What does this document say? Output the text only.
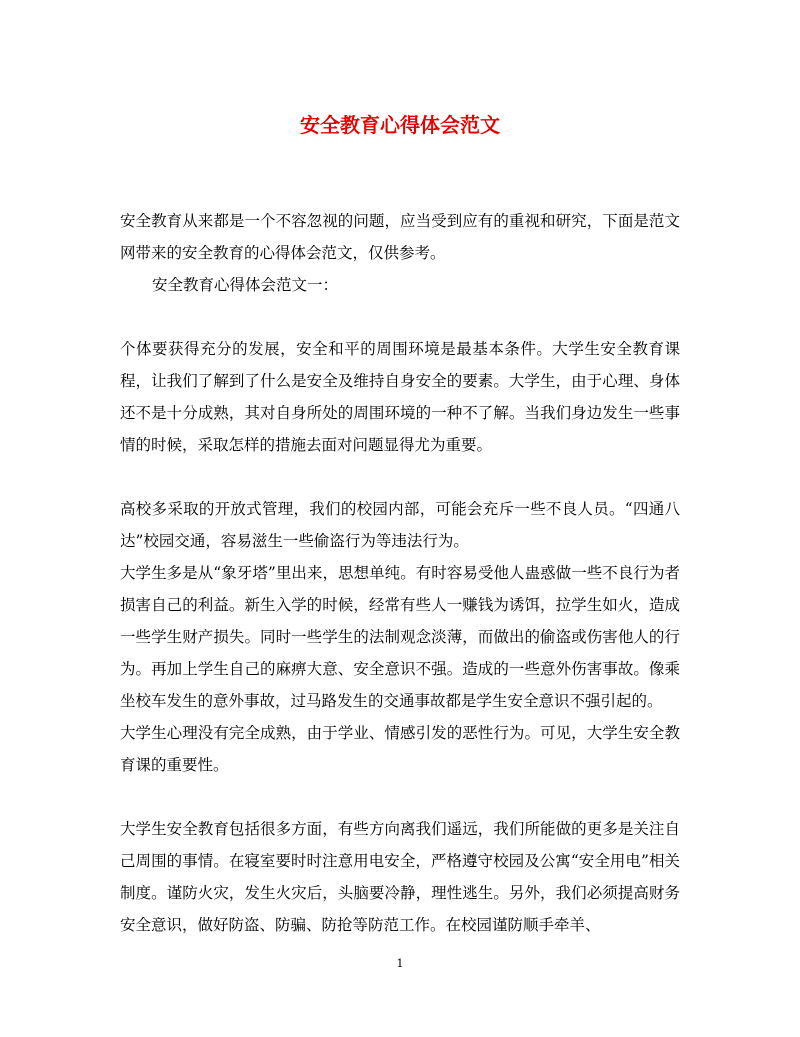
安全教育心得体会范文

安全教育从来都是一个不容忽视的问题，应当受到应有的重视和研究，下面是范文网带来的安全教育的心得体会范文，仅供参考。

安全教育心得体会范文一：

个体要获得充分的发展，安全和平的周围环境是最基本条件。大学生安全教育课程，让我们了解到了什么是安全及维持自身安全的要素。大学生，由于心理、身体还不是十分成熟，其对自身所处的周围环境的一种不了解。当我们身边发生一些事情的时候，采取怎样的措施去面对问题显得尤为重要。

高校多采取的开放式管理，我们的校园内部，可能会充斥一些不良人员。“四通八达”校园交通，容易滋生一些偷盗行为等违法行为。

大学生多是从“象牙塔”里出来，思想单纯。有时容易受他人蛊惑做一些不良行为者损害自己的利益。新生入学的时候，经常有些人一赚钱为诱饵，拉学生如火，造成一些学生财产损失。同时一些学生的法制观念淡薄，而做出的偷盗或伤害他人的行为。再加上学生自己的麻痹大意、安全意识不强。造成的一些意外伤害事故。像乘坐校车发生的意外事故，过马路发生的交通事故都是学生安全意识不强引起的。

大学生心理没有完全成熟，由于学业、情感引发的恶性行为。可见，大学生安全教育课的重要性。

大学生安全教育包括很多方面，有些方向离我们遥远，我们所能做的更多是关注自己周围的事情。在寝室要时时注意用电安全，严格遵守校园及公寓“安全用电”相关制度。谨防火灾，发生火灾后，头脑要冷静，理性逃生。另外，我们必须提高财务安全意识，做好防盗、防骗、防抢等防范工作。在校园谨防顺手牵羊、

1
